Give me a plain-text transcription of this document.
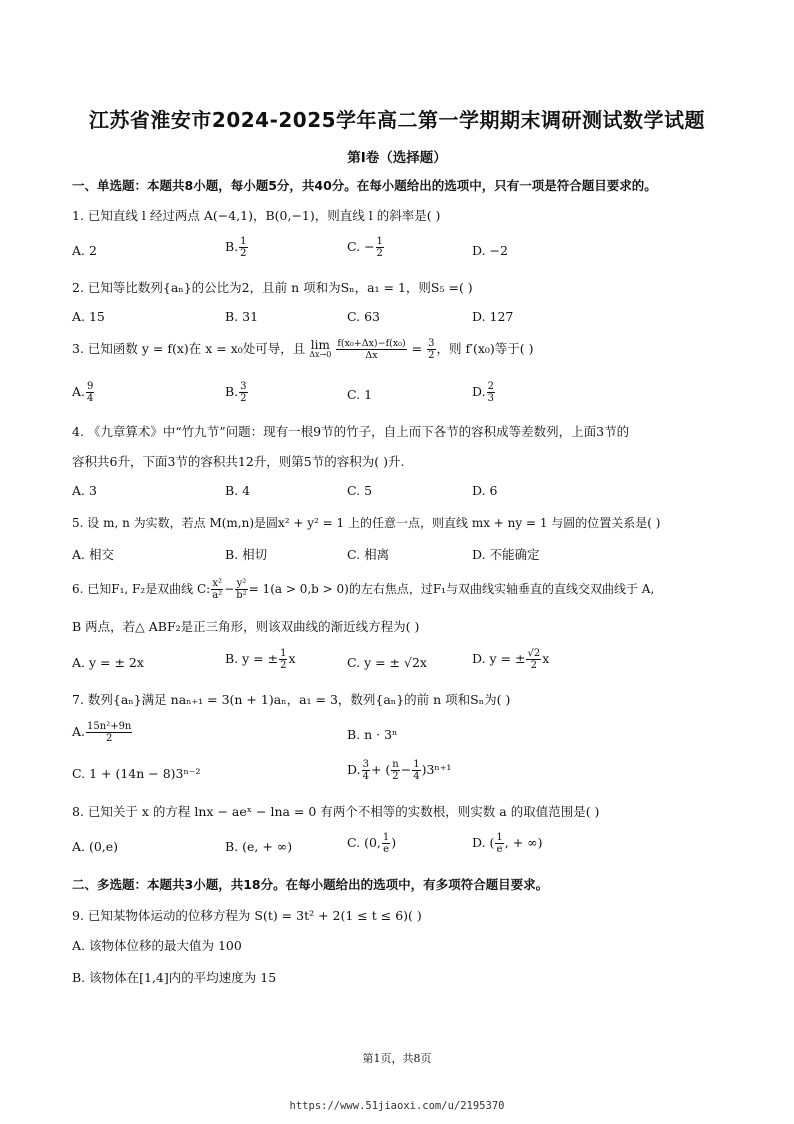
江苏省淮安市2024-2025学年高二第一学期期末调研测试数学试题
第I卷（选择题）
一、单选题：本题共8小题，每小题5分，共40分。在每小题给出的选项中，只有一项是符合题目要求的。
1. 已知直线 l 经过两点 A(−4,1)，B(0,−1)，则直线 l 的斜率是( )
A. 2	B. $\frac{1}{2}$	C. − $\frac{1}{2}$	D. −2
2. 已知等比数列{aₙ}的公比为2，且前 n 项和为Sₙ，a₁ = 1，则S₅ =( )
A. 15	B. 31	C. 63	D. 127
3. 已知函数 y = f(x)在 x = x₀处可导，且 lim
Δx→0
$\frac{\text{f(x₀+Δx)−f(x₀)}}{\Delta x} = \frac{3}{2}$ ，则 f′(x₀)等于( )
A. $\frac{9}{4}$	B. $\frac{3}{2}$	C. 1	D. $\frac{2}{3}$
4. 《九章算术》中“竹九节”问题：现有一根9节的竹子，自上而下各节的容积成等差数列，上面3节的
容积共6升，下面3节的容积共12升，则第5节的容积为( )升.
A. 3	B. 4	C. 5	D. 6
5. 设 m, n 为实数，若点 M(m,n)是圆x² + y² = 1 上的任意一点，则直线 mx + ny = 1 与圆的位置关系是( )
A. 相交	B. 相切	C. 相离	D. 不能确定
6. 已知F₁, F₂是双曲线 C: $\frac{\text{x²}}{\text{a²}} - \frac{\text{y²}}{\text{b²}} = 1(a > 0,b > 0)$的左右焦点，过F₁与双曲线实轴垂直的直线交双曲线于 A,
B 两点，若△ ABF₂是正三角形，则该双曲线的渐近线方程为( )
A. y = ± 2x	B. y = ± $\frac{1}{2}$ x	C. y = ± √2x	D. y = ± $\frac{√2}{2}$ x
7. 数列{aₙ}满足 naₙ₊₁ = 3(n + 1)aₙ，a₁ = 3，数列{aₙ}的前 n 项和Sₙ为( )
A. $\frac{\text{15n²+9n}}{2}$	B. n · 3ⁿ
C. 1 + (14n − 8)3ⁿ⁻²	D. $\frac{3}{4}$ + ( $\frac{n}{2} - \frac{1}{4} )3^{n+1}$
8. 已知关于 x 的方程 lnx − aeˣ − lna = 0 有两个不相等的实数根，则实数 a 的取值范围是( )
A. (0,e)	B. (e, + ∞)	C. (0, $\frac{1}{e}$ )	D. ( $\frac{1}{e}$ , + ∞)
二、多选题：本题共3小题，共18分。在每小题给出的选项中，有多项符合题目要求。
9. 已知某物体运动的位移方程为 S(t) = 3t² + 2(1 ≤ t ≤ 6)( )
A. 该物体位移的最大值为 100
B. 该物体在[1,4]内的平均速度为 15
第1页，共8页
https://www.51jiaoxi.com/u/2195370
